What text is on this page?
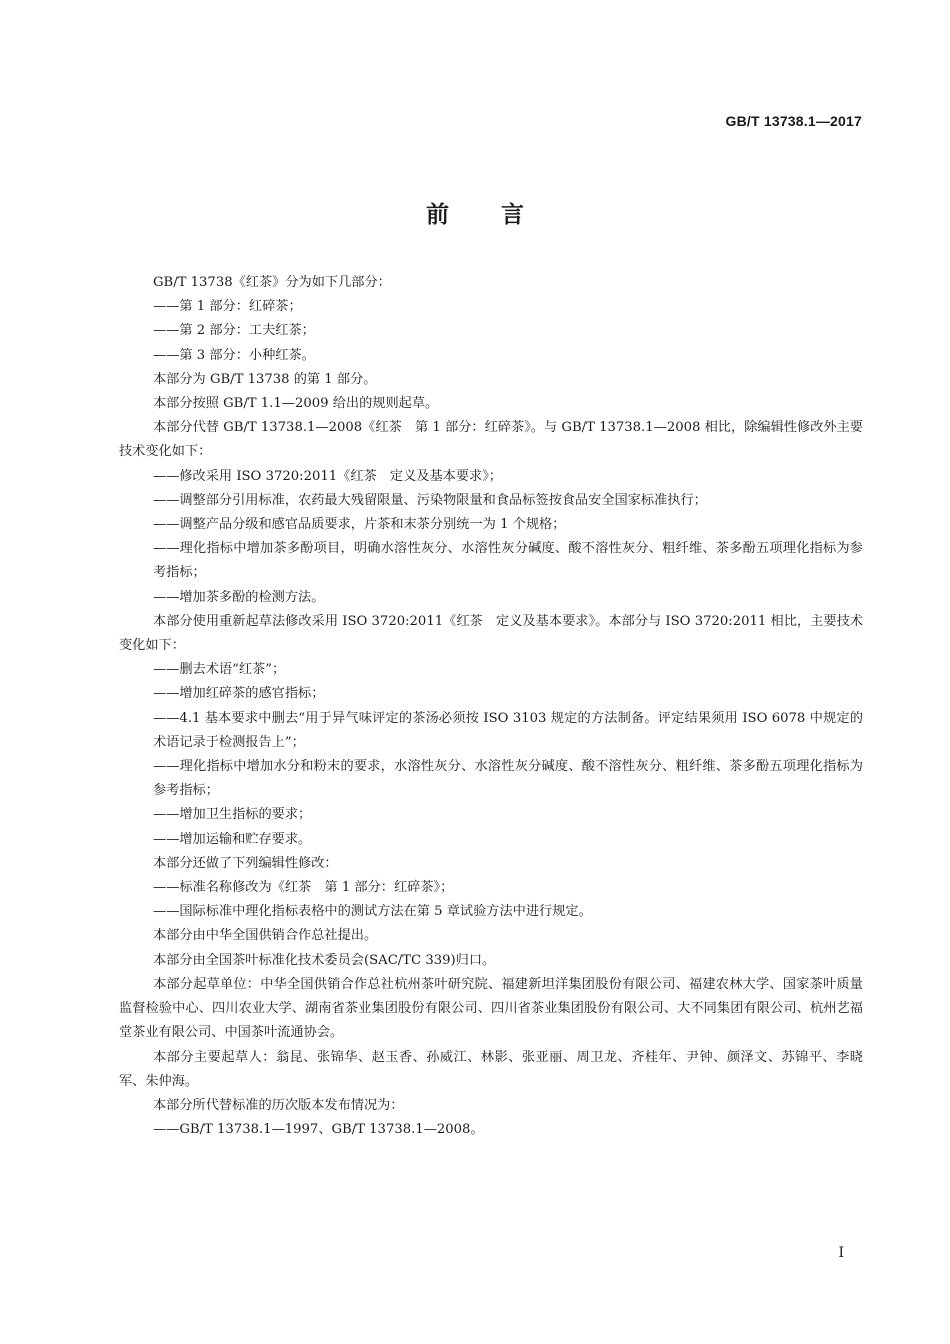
GB/T 13738.1—2017
前言

GB/T 13738《红茶》分为如下几部分：

——第 1 部分：红碎茶；

——第 2 部分：工夫红茶；

——第 3 部分：小种红茶。

本部分为 GB/T 13738 的第 1 部分。

本部分按照 GB/T 1.1—2009 给出的规则起草。

本部分代替 GB/T 13738.1—2008《红茶　第 1 部分：红碎茶》。与 GB/T 13738.1—2008 相比，除编辑性修改外主要技术变化如下：

——修改采用 ISO 3720:2011《红茶　定义及基本要求》；

——调整部分引用标准，农药最大残留限量、污染物限量和食品标签按食品安全国家标准执行；

——调整产品分级和感官品质要求，片茶和末茶分别统一为 1 个规格；

——理化指标中增加茶多酚项目，明确水溶性灰分、水溶性灰分碱度、酸不溶性灰分、粗纤维、茶多酚五项理化指标为参考指标；

——增加茶多酚的检测方法。

本部分使用重新起草法修改采用 ISO 3720:2011《红茶　定义及基本要求》。本部分与 ISO 3720:2011 相比，主要技术变化如下：

——删去术语“红茶”；

——增加红碎茶的感官指标；

——4.1 基本要求中删去“用于异气味评定的茶汤必须按 ISO 3103 规定的方法制备。评定结果须用 ISO 6078 中规定的术语记录于检测报告上”；

——理化指标中增加水分和粉末的要求，水溶性灰分、水溶性灰分碱度、酸不溶性灰分、粗纤维、茶多酚五项理化指标为参考指标；

——增加卫生指标的要求；

——增加运输和贮存要求。

本部分还做了下列编辑性修改：

——标准名称修改为《红茶　第 1 部分：红碎茶》；

——国际标准中理化指标表格中的测试方法在第 5 章试验方法中进行规定。

本部分由中华全国供销合作总社提出。

本部分由全国茶叶标准化技术委员会(SAC/TC 339)归口。

本部分起草单位：中华全国供销合作总社杭州茶叶研究院、福建新坦洋集团股份有限公司、福建农林大学、国家茶叶质量监督检验中心、四川农业大学、湖南省茶业集团股份有限公司、四川省茶业集团股份有限公司、大不同集团有限公司、杭州艺福堂茶业有限公司、中国茶叶流通协会。

本部分主要起草人：翁昆、张锦华、赵玉香、孙威江、林影、张亚丽、周卫龙、齐桂年、尹钟、颜泽文、苏锦平、李晓军、朱仲海。

本部分所代替标准的历次版本发布情况为：

——GB/T 13738.1—1997、GB/T 13738.1—2008。

I
